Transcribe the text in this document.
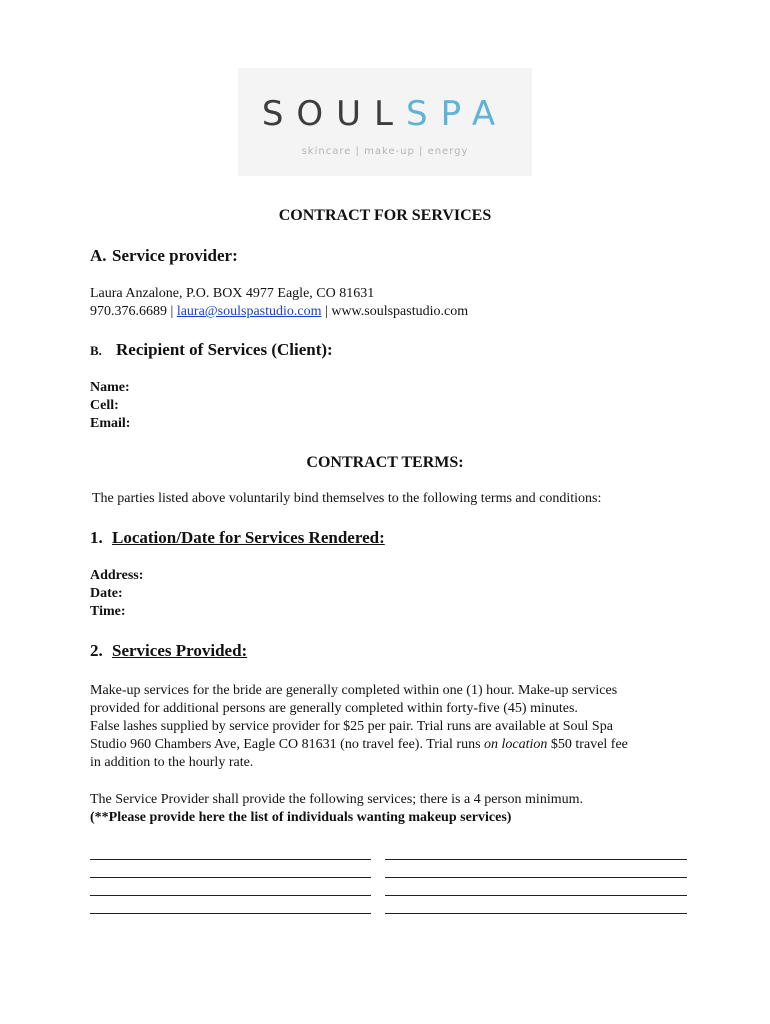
SOULSPA
skincare | make-up | energy
CONTRACT FOR SERVICES
A. Service provider:
Laura Anzalone, P.O. BOX 4977 Eagle, CO 81631
970.376.6689 | laura@soulspastudio.com | www.soulspastudio.com
B. Recipient of Services (Client):
Name:
Cell:
Email:
CONTRACT TERMS:
The parties listed above voluntarily bind themselves to the following terms and conditions:
1. Location/Date for Services Rendered:
Address:
Date:
Time:
2. Services Provided:
Make-up services for the bride are generally completed within one (1) hour. Make-up services
provided for additional persons are generally completed within forty-five (45) minutes.
False lashes supplied by service provider for $25 per pair. Trial runs are available at Soul Spa
Studio 960 Chambers Ave, Eagle CO 81631 (no travel fee). Trial runs on location $50 travel fee
in addition to the hourly rate.
The Service Provider shall provide the following services; there is a 4 person minimum.
(**Please provide here the list of individuals wanting makeup services)
